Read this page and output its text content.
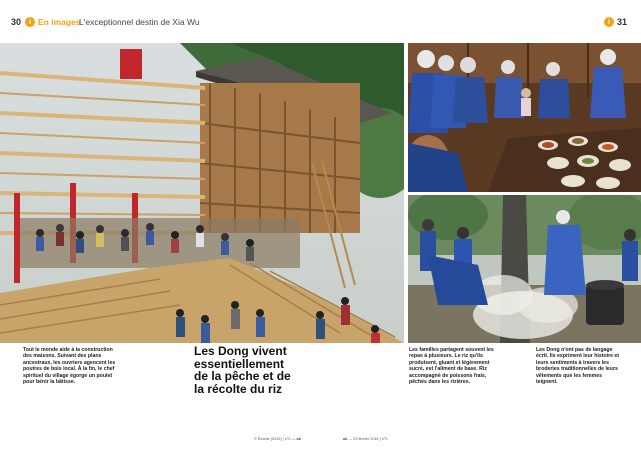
30 i En images
L'exceptionnel destin de Xia Wu	i 31
Tout le monde aide à la construction des maisons. Suivant des plans ancestraux, les ouvriers agencent les poutres de bois local. À la fin, le chef spirituel du village égorge un poulet pour bénir la bâtisse.
Les Dong vivent essentiellement de la pêche et de la récolte du riz
Les familles partagent souvent les repas à plusieurs. Le riz qu'ils produisent, gluant et légèrement sucré, est l'aliment de base. Riz accompagné de poissons frais, pêchés dans les rizières.
Les Dong n'ont pas de langage écrit. Ils expriment leur histoire et leurs sentiments à travers les broderies traditionnelles de leurs vêtements que les femmes teignent.
© Écoute (2016) | n°0 — ab	ab — 23 février 2016 | n°0
